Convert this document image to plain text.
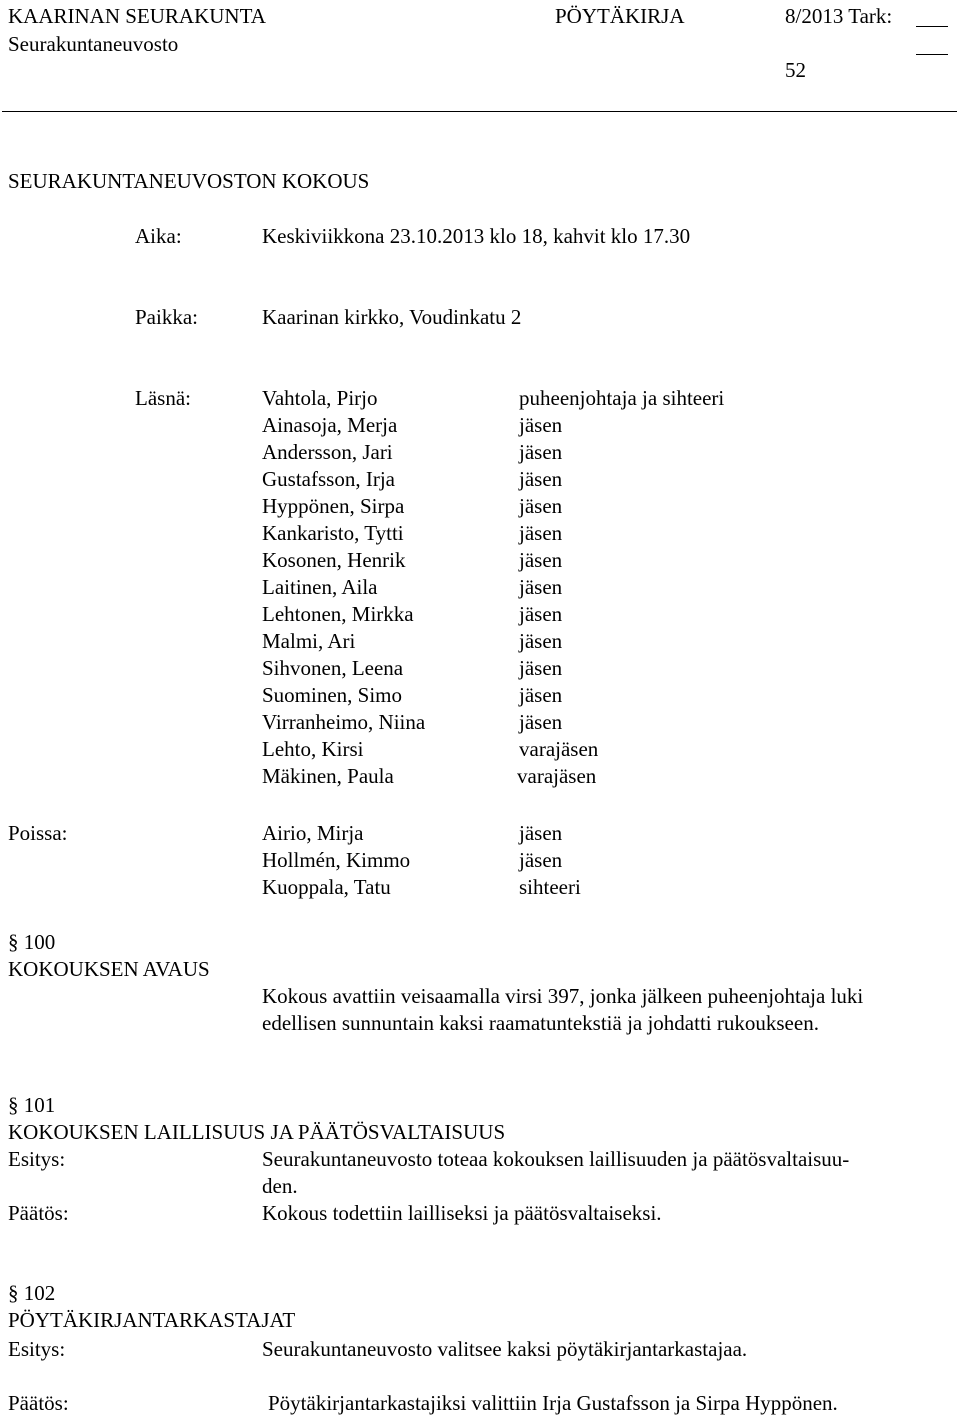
KAARINAN SEURAKUNTA	PÖYTÄKIRJA	8/2013 Tark:
Seurakuntaneuvosto
52
SEURAKUNTANEUVOSTON KOKOUS
Aika:	Keskiviikkona 23.10.2013 klo 18, kahvit klo 17.30
Paikka:	Kaarinan kirkko, Voudinkatu 2
Läsnä:	Vahtola, Pirjo	puheenjohtaja ja sihteeri
Ainasoja, Merja	jäsen
Andersson, Jari	jäsen
Gustafsson, Irja	jäsen
Hyppönen, Sirpa	jäsen
Kankaristo, Tytti	jäsen
Kosonen, Henrik	jäsen
Laitinen, Aila	jäsen
Lehtonen, Mirkka	jäsen
Malmi, Ari	jäsen
Sihvonen, Leena	jäsen
Suominen, Simo	jäsen
Virranheimo, Niina	jäsen
Lehto, Kirsi	varajäsen
Mäkinen, Paula	varajäsen
Poissa:	Airio, Mirja	jäsen
Hollmén, Kimmo	jäsen
Kuoppala, Tatu	sihteeri
§ 100
KOKOUKSEN AVAUS
Kokous avattiin veisaamalla virsi 397, jonka jälkeen puheenjohtaja luki
edellisen sunnuntain kaksi raamatuntekstiä ja johdatti rukoukseen.
§ 101
KOKOUKSEN LAILLISUUS JA PÄÄTÖSVALTAISUUS
Esitys:	Seurakuntaneuvosto toteaa kokouksen laillisuuden ja päätösvaltaisuu-
den.
Päätös:	Kokous todettiin lailliseksi ja päätösvaltaiseksi.
§ 102
PÖYTÄKIRJANTARKASTAJAT
Esitys:	Seurakuntaneuvosto valitsee kaksi pöytäkirjantarkastajaa.
Päätös:	Pöytäkirjantarkastajiksi valittiin Irja Gustafsson ja Sirpa Hyppönen.
